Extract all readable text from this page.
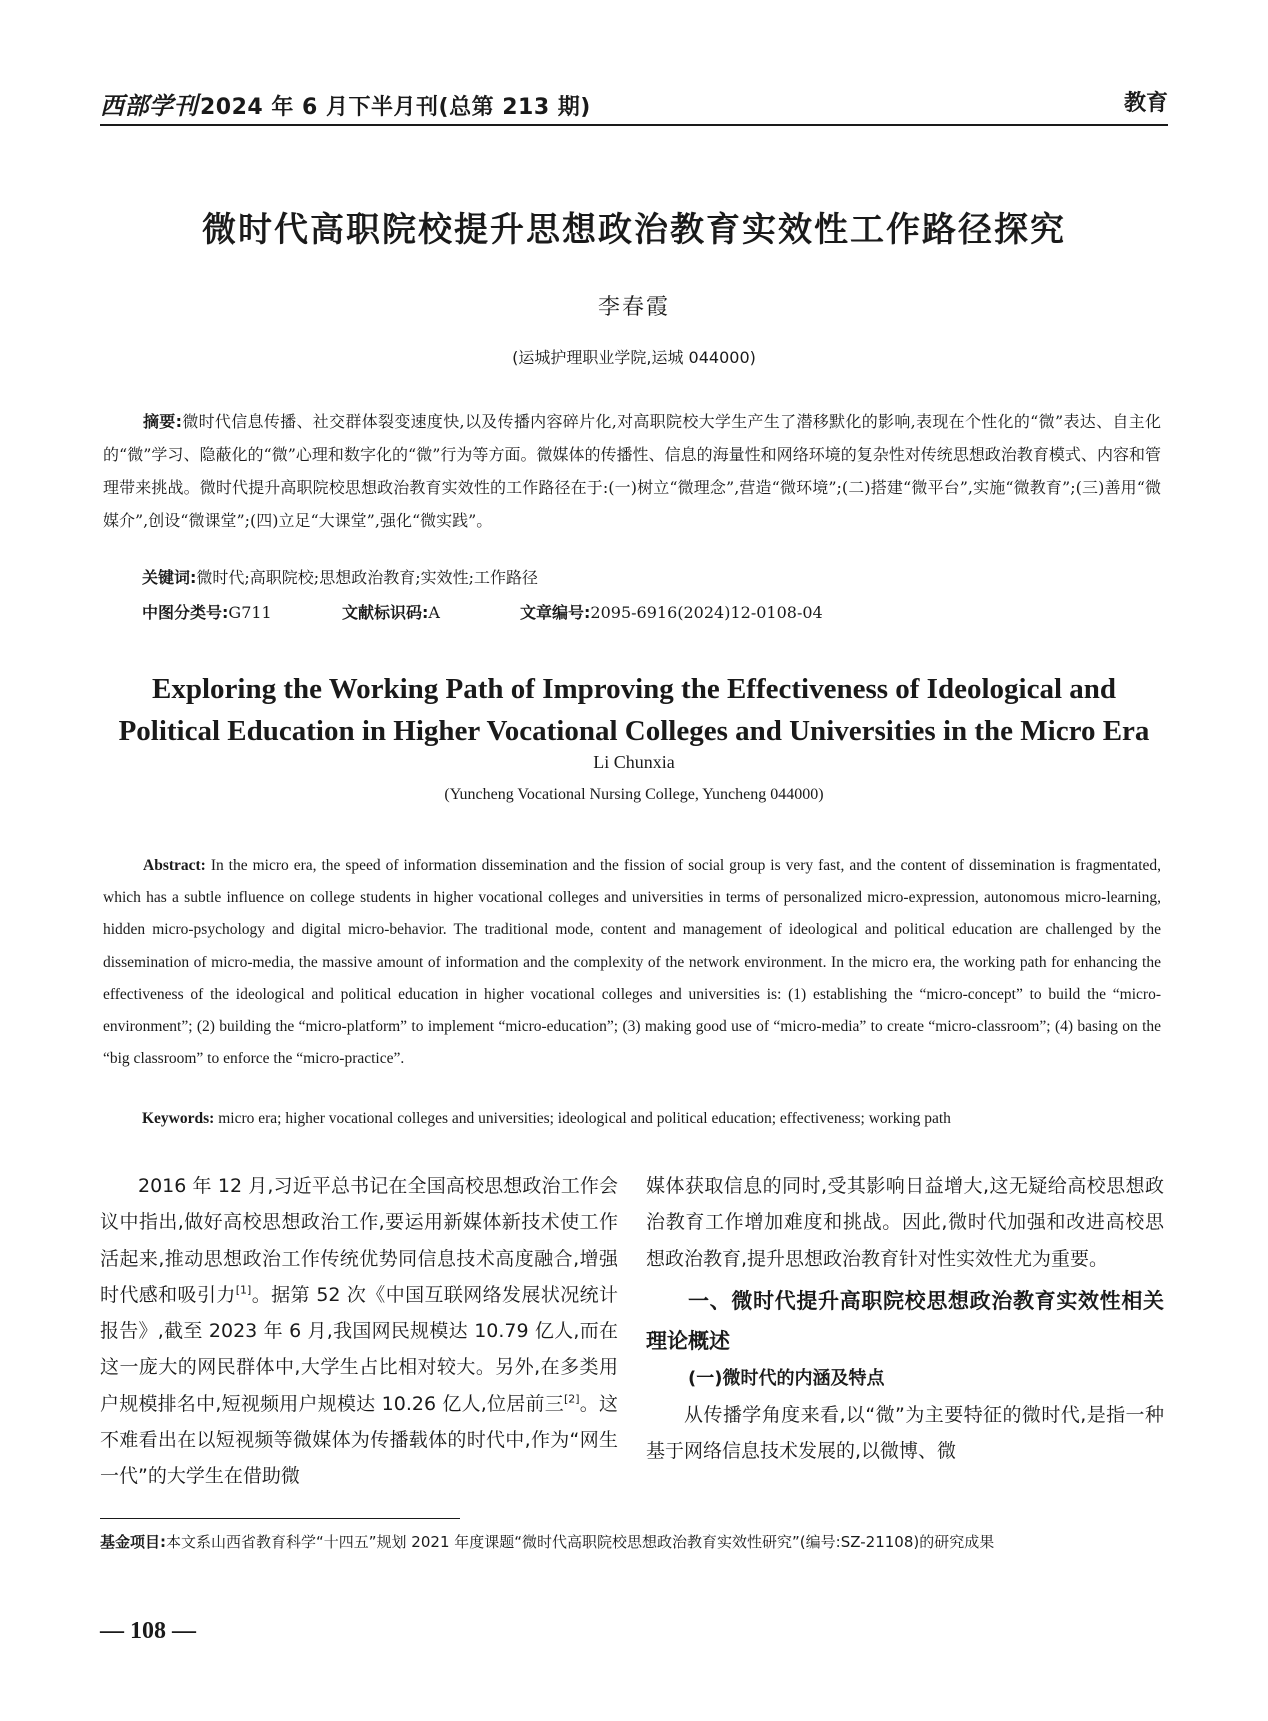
西部学刊2024 年 6 月下半月刊(总第 213 期)	教育
微时代高职院校提升思想政治教育实效性工作路径探究
李春霞
(运城护理职业学院,运城 044000)

摘要:微时代信息传播、社交群体裂变速度快,以及传播内容碎片化,对高职院校大学生产生了潜移默化的影响,表现在个性化的“微”表达、自主化的“微”学习、隐蔽化的“微”心理和数字化的“微”行为等方面。微媒体的传播性、信息的海量性和网络环境的复杂性对传统思想政治教育模式、内容和管理带来挑战。微时代提升高职院校思想政治教育实效性的工作路径在于:(一)树立“微理念”,营造“微环境”;(二)搭建“微平台”,实施“微教育”;(三)善用“微媒介”,创设“微课堂”;(四)立足“大课堂”,强化“微实践”。

关键词:微时代;高职院校;思想政治教育;实效性;工作路径
中图分类号:G711	文献标识码:A	文章编号:2095-6916(2024)12-0108-04
Exploring the Working Path of Improving the Effectiveness of Ideological and
Political Education in Higher Vocational Colleges and Universities in the Micro Era
Li Chunxia
(Yuncheng Vocational Nursing College, Yuncheng 044000)

Abstract: In the micro era, the speed of information dissemination and the fission of social group is very fast, and the content of dissemination is fragmentated, which has a subtle influence on college students in higher vocational colleges and universities in terms of personalized micro-expression, autonomous micro-learning, hidden micro-psychology and digital micro-behavior. The traditional mode, content and management of ideological and political education are challenged by the dissemination of micro-media, the massive amount of information and the complexity of the network environment. In the micro era, the working path for enhancing the effectiveness of the ideological and political education in higher vocational colleges and universities is: (1) establishing the “micro-concept” to build the “micro-environment”; (2) building the “micro-platform” to implement “micro-education”; (3) making good use of “micro-media” to create “micro-classroom”; (4) basing on the “big classroom” to enforce the “micro-practice”.

Keywords: micro era; higher vocational colleges and universities; ideological and political education; effectiveness; working path

2016 年 12 月,习近平总书记在全国高校思想政治工作会议中指出,做好高校思想政治工作,要运用新媒体新技术使工作活起来,推动思想政治工作传统优势同信息技术高度融合,增强时代感和吸引力[1]。据第 52 次《中国互联网络发展状况统计报告》,截至 2023 年 6 月,我国网民规模达 10.79 亿人,而在这一庞大的网民群体中,大学生占比相对较大。另外,在多类用户规模排名中,短视频用户规模达 10.26 亿人,位居前三[2]。这不难看出在以短视频等微媒体为传播载体的时代中,作为“网生一代”的大学生在借助微

媒体获取信息的同时,受其影响日益增大,这无疑给高校思想政治教育工作增加难度和挑战。因此,微时代加强和改进高校思想政治教育,提升思想政治教育针对性实效性尤为重要。

一、微时代提升高职院校思想政治教育实效性相关理论概述

(一)微时代的内涵及特点

从传播学角度来看,以“微”为主要特征的微时代,是指一种基于网络信息技术发展的,以微博、微

基金项目:本文系山西省教育科学“十四五”规划 2021 年度课题“微时代高职院校思想政治教育实效性研究”(编号:SZ-21108)的研究成果
— 108 —
